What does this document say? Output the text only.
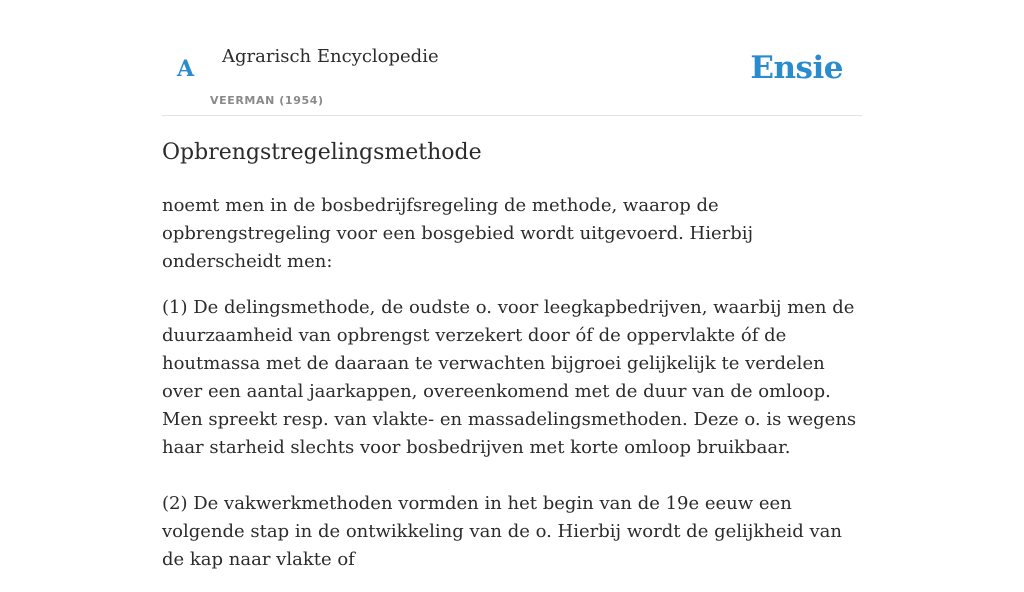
A Agrarisch Encyclopedie
VEERMAN (1954)
Ensie
Opbrengstregelingsmethode

noemt men in de bosbedrijfsregeling de methode, waarop de opbrengstregeling voor een bosgebied wordt uitgevoerd. Hierbij onderscheidt men:

(1) De delingsmethode, de oudste o. voor leegkapbedrijven, waarbij men de duurzaamheid van opbrengst verzekert door óf de oppervlakte óf de houtmassa met de daaraan te verwachten bijgroei gelijkelijk te verdelen over een aantal jaarkappen, overeenkomend met de duur van de omloop. Men spreekt resp. van vlakte- en massadelingsmethoden. Deze o. is wegens haar starheid slechts voor bosbedrijven met korte omloop bruikbaar.

(2) De vakwerkmethoden vormden in het begin van de 19e eeuw een volgende stap in de ontwikkeling van de o. Hierbij wordt de gelijkheid van de kap naar vlakte of
